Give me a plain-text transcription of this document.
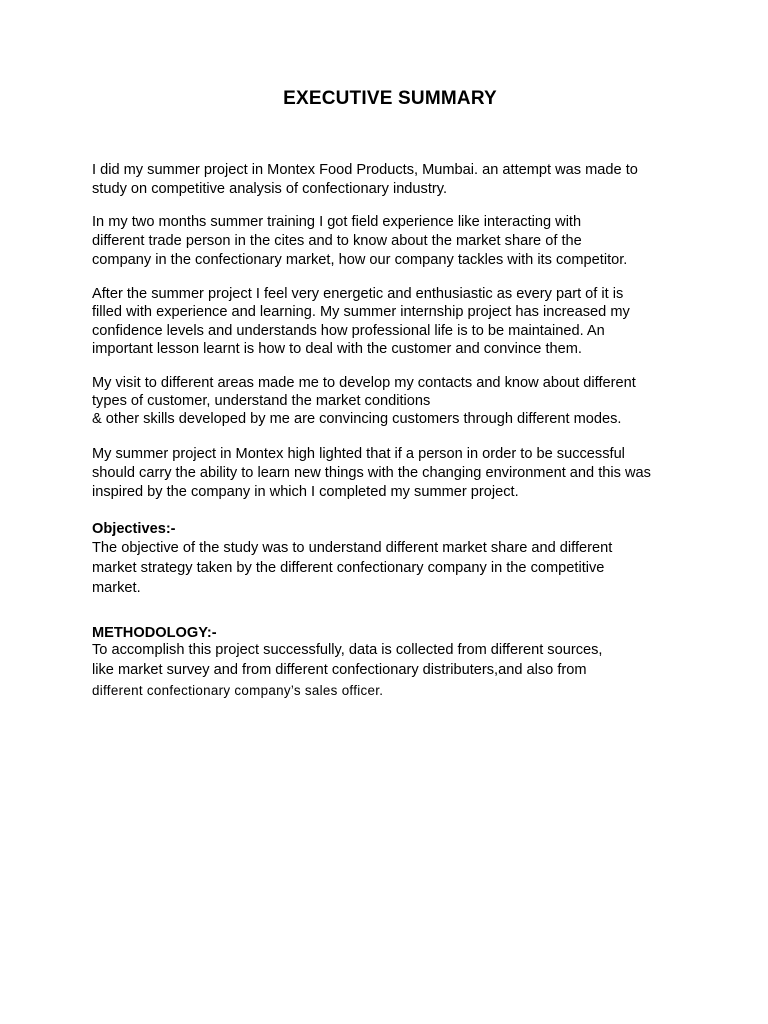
EXECUTIVE SUMMARY

I did my summer project in Montex Food Products, Mumbai. an attempt was made to

study on competitive analysis of confectionary industry.

In my two months summer training I got field experience like interacting with

different trade person in the cites and to know about the market share of the

company in the confectionary market, how our company tackles with its competitor.

After the summer project I feel very energetic and enthusiastic as every part of it is

filled with experience and learning. My summer internship project has increased my

confidence levels and understands how professional life is to be maintained. An

important lesson learnt is how to deal with the customer and convince them.

My visit to different areas made me to develop my contacts and know about different

types of customer, understand the market conditions

& other skills developed by me are convincing customers through different modes.

My summer project in Montex high lighted that if a person in order to be successful

should carry the ability to learn new things with the changing environment and this was

inspired by the company in which I completed my summer project.

Objectives:-

The objective of the study was to understand different market share and different

market strategy taken by the different confectionary company in the competitive

market.

METHODOLOGY:-

To accomplish this project successfully, data is collected from different sources,

like market survey and from different confectionary distributers,and also from

different confectionary company’s sales officer.
